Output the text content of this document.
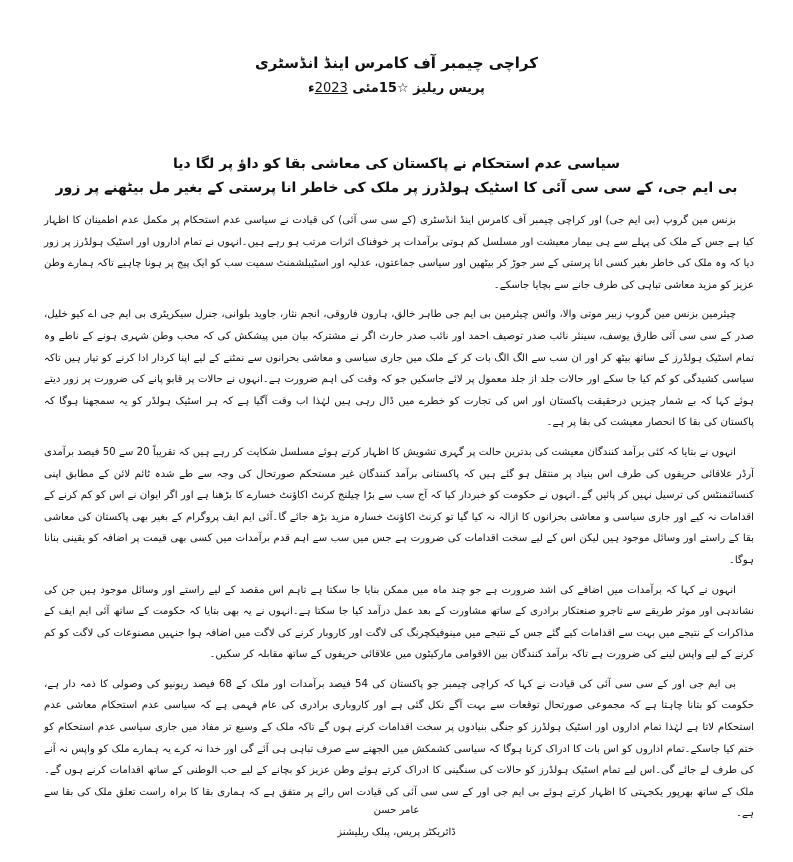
کراچی چیمبر آف کامرس اینڈ انڈسٹری
پریس ریلیز ☆15مئی 2023ء
سیاسی عدم استحکام نے پاکستان کی معاشی بقا کو داؤ پر لگا دیا
بی ایم جی، کے سی سی آئی کا اسٹیک ہولڈرز پر ملک کی خاطر انا پرستی کے بغیر مل بیٹھنے پر زور

بزنس مین گروپ (بی ایم جی) اور کراچی چیمبر آف کامرس اینڈ انڈسٹری (کے سی سی آئی) کی قیادت نے سیاسی عدم استحکام پر مکمل عدم اطمینان کا اظہار کیا ہے جس کے ملک کی پہلے سے ہی بیمار معیشت اور مسلسل کم ہوتی برآمدات پر خوفناک اثرات مرتب ہو رہے ہیں۔انہوں نے تمام اداروں اور اسٹیک ہولڈرز پر زور دیا کہ وہ ملک کی خاطر بغیر کسی انا پرستی کے سر جوڑ کر بیٹھیں اور سیاسی جماعتوں، عدلیہ اور اسٹیبلشمنٹ سمیت سب کو ایک پیج پر ہونا چاہیے تاکہ ہمارے وطن عزیز کو مزید معاشی تباہی کی طرف جانے سے بچایا جاسکے۔

چیئرمین بزنس مین گروپ زبیر موتی والا، وائس چیئرمین بی ایم جی طاہر خالق، ہارون فاروقی، انجم نثار، جاوید بلوانی، جنرل سیکریٹری بی ایم جی اے کیو خلیل، صدر کے سی سی آئی طارق یوسف، سینئر نائب صدر توصیف احمد اور نائب صدر حارث اگر نے مشترکہ بیان میں پیشکش کی کہ محب وطن شہری ہونے کے ناطے وہ تمام اسٹیک ہولڈرز کے ساتھ بیٹھ کر اور ان سب سے الگ الگ بات کر کے ملک میں جاری سیاسی و معاشی بحرانوں سے نمٹنے کے لیے اپنا کردار ادا کرنے کو تیار ہیں تاکہ سیاسی کشیدگی کو کم کیا جا سکے اور حالات جلد از جلد معمول پر لائے جاسکیں جو کہ وقت کی اہم ضرورت ہے۔انہوں نے حالات پر قابو پانے کی ضرورت پر زور دیتے ہوئے کہا کہ بے شمار چیزیں درحقیقت پاکستان اور اس کی تجارت کو خطرے میں ڈال رہی ہیں لہٰذا اب وقت آگیا ہے کہ ہر اسٹیک ہولڈر کو یہ سمجھنا ہوگا کہ پاکستان کی بقا کا انحصار معیشت کی بقا پر ہے۔

انہوں نے بتایا کہ کئی برآمد کنندگان معیشت کی بدترین حالت پر گہری تشویش کا اظہار کرتے ہوئے مسلسل شکایت کر رہے ہیں کہ تقریباً 20 سے 50 فیصد برآمدی آرڈر علاقائی حریفوں کی طرف اس بنیاد پر منتقل ہو گئے ہیں کہ پاکستانی برآمد کنندگان غیر مستحکم صورتحال کی وجہ سے طے شدہ ٹائم لائن کے مطابق اپنی کنسائنمنٹس کی ترسیل نہیں کر پائیں گے۔انہوں نے حکومت کو خبردار کیا کہ آج سب سے بڑا چیلنج کرنٹ اکاؤنٹ خسارے کا بڑھنا ہے اور اگر ایوان نے اس کو کم کرنے کے اقدامات نہ کیے اور جاری سیاسی و معاشی بحرانوں کا ازالہ نہ کیا گیا تو کرنٹ اکاؤنٹ خسارہ مزید بڑھ جائے گا۔آئی ایم ایف پروگرام کے بغیر بھی پاکستان کی معاشی بقا کے راستے اور وسائل موجود ہیں لیکن اس کے لیے سخت اقدامات کی ضرورت ہے جس میں سب سے اہم قدم برآمدات میں کسی بھی قیمت پر اضافہ کو یقینی بنانا ہوگا۔

انہوں نے کہا کہ برآمدات میں اضافے کی اشد ضرورت ہے جو چند ماہ میں ممکن بنایا جا سکتا ہے تاہم اس مقصد کے لیے راستے اور وسائل موجود ہیں جن کی نشاندہی اور موثر طریقے سے تاجرو صنعتکار برادری کے ساتھ مشاورت کے بعد عمل درآمد کیا جا سکتا ہے۔انہوں نے یہ بھی بتایا کہ حکومت کے ساتھ آئی ایم ایف کے مذاکرات کے نتیجے میں بہت سے اقدامات کیے گئے جس کے نتیجے میں مینوفیکچرنگ کی لاگت اور کاروبار کرنے کی لاگت میں اضافہ ہوا جنہیں مصنوعات کی لاگت کو کم کرنے کے لیے واپس لینے کی ضرورت ہے تاکہ برآمد کنندگان بین الاقوامی مارکیٹوں میں علاقائی حریفوں کے ساتھ مقابلہ کر سکیں۔

بی ایم جی اور کے سی سی آئی کی قیادت نے کہا کہ کراچی چیمبر جو پاکستان کی 54 فیصد برآمدات اور ملک کے 68 فیصد ریونیو کی وصولی کا ذمہ دار ہے، حکومت کو بتانا چاہتا ہے کہ مجموعی صورتحال توقعات سے بہت آگے نکل گئی ہے اور کاروباری برادری کی عام فہمی ہے کہ سیاسی عدم استحکام معاشی عدم استحکام لاتا ہے لہٰذا تمام اداروں اور اسٹیک ہولڈرز کو جنگی بنیادوں پر سخت اقدامات کرنے ہوں گے تاکہ ملک کے وسیع تر مفاد میں جاری سیاسی عدم استحکام کو ختم کیا جاسکے۔تمام اداروں کو اس بات کا ادراک کرنا ہوگا کہ سیاسی کشمکش میں الجھنے سے صرف تباہی ہی آئے گی اور خدا نہ کرے یہ ہمارے ملک کو واپس نہ آنے کی طرف لے جائے گی۔اس لیے تمام اسٹیک ہولڈرز کو حالات کی سنگینی کا ادراک کرتے ہوئے وطن عزیز کو بچانے کے لیے حب الوطنی کے ساتھ اقدامات کرنے ہوں گے۔ملک کے ساتھ بھرپور یکجہتی کا اظہار کرتے ہوئے بی ایم جی اور کے سی سی آئی کی قیادت اس رائے پر متفق ہے کہ ہماری بقا کا براہ راست تعلق ملک کی بقا سے ہے۔

عامر حسن
ڈائریکٹر پریس، پبلک ریلیشنز
